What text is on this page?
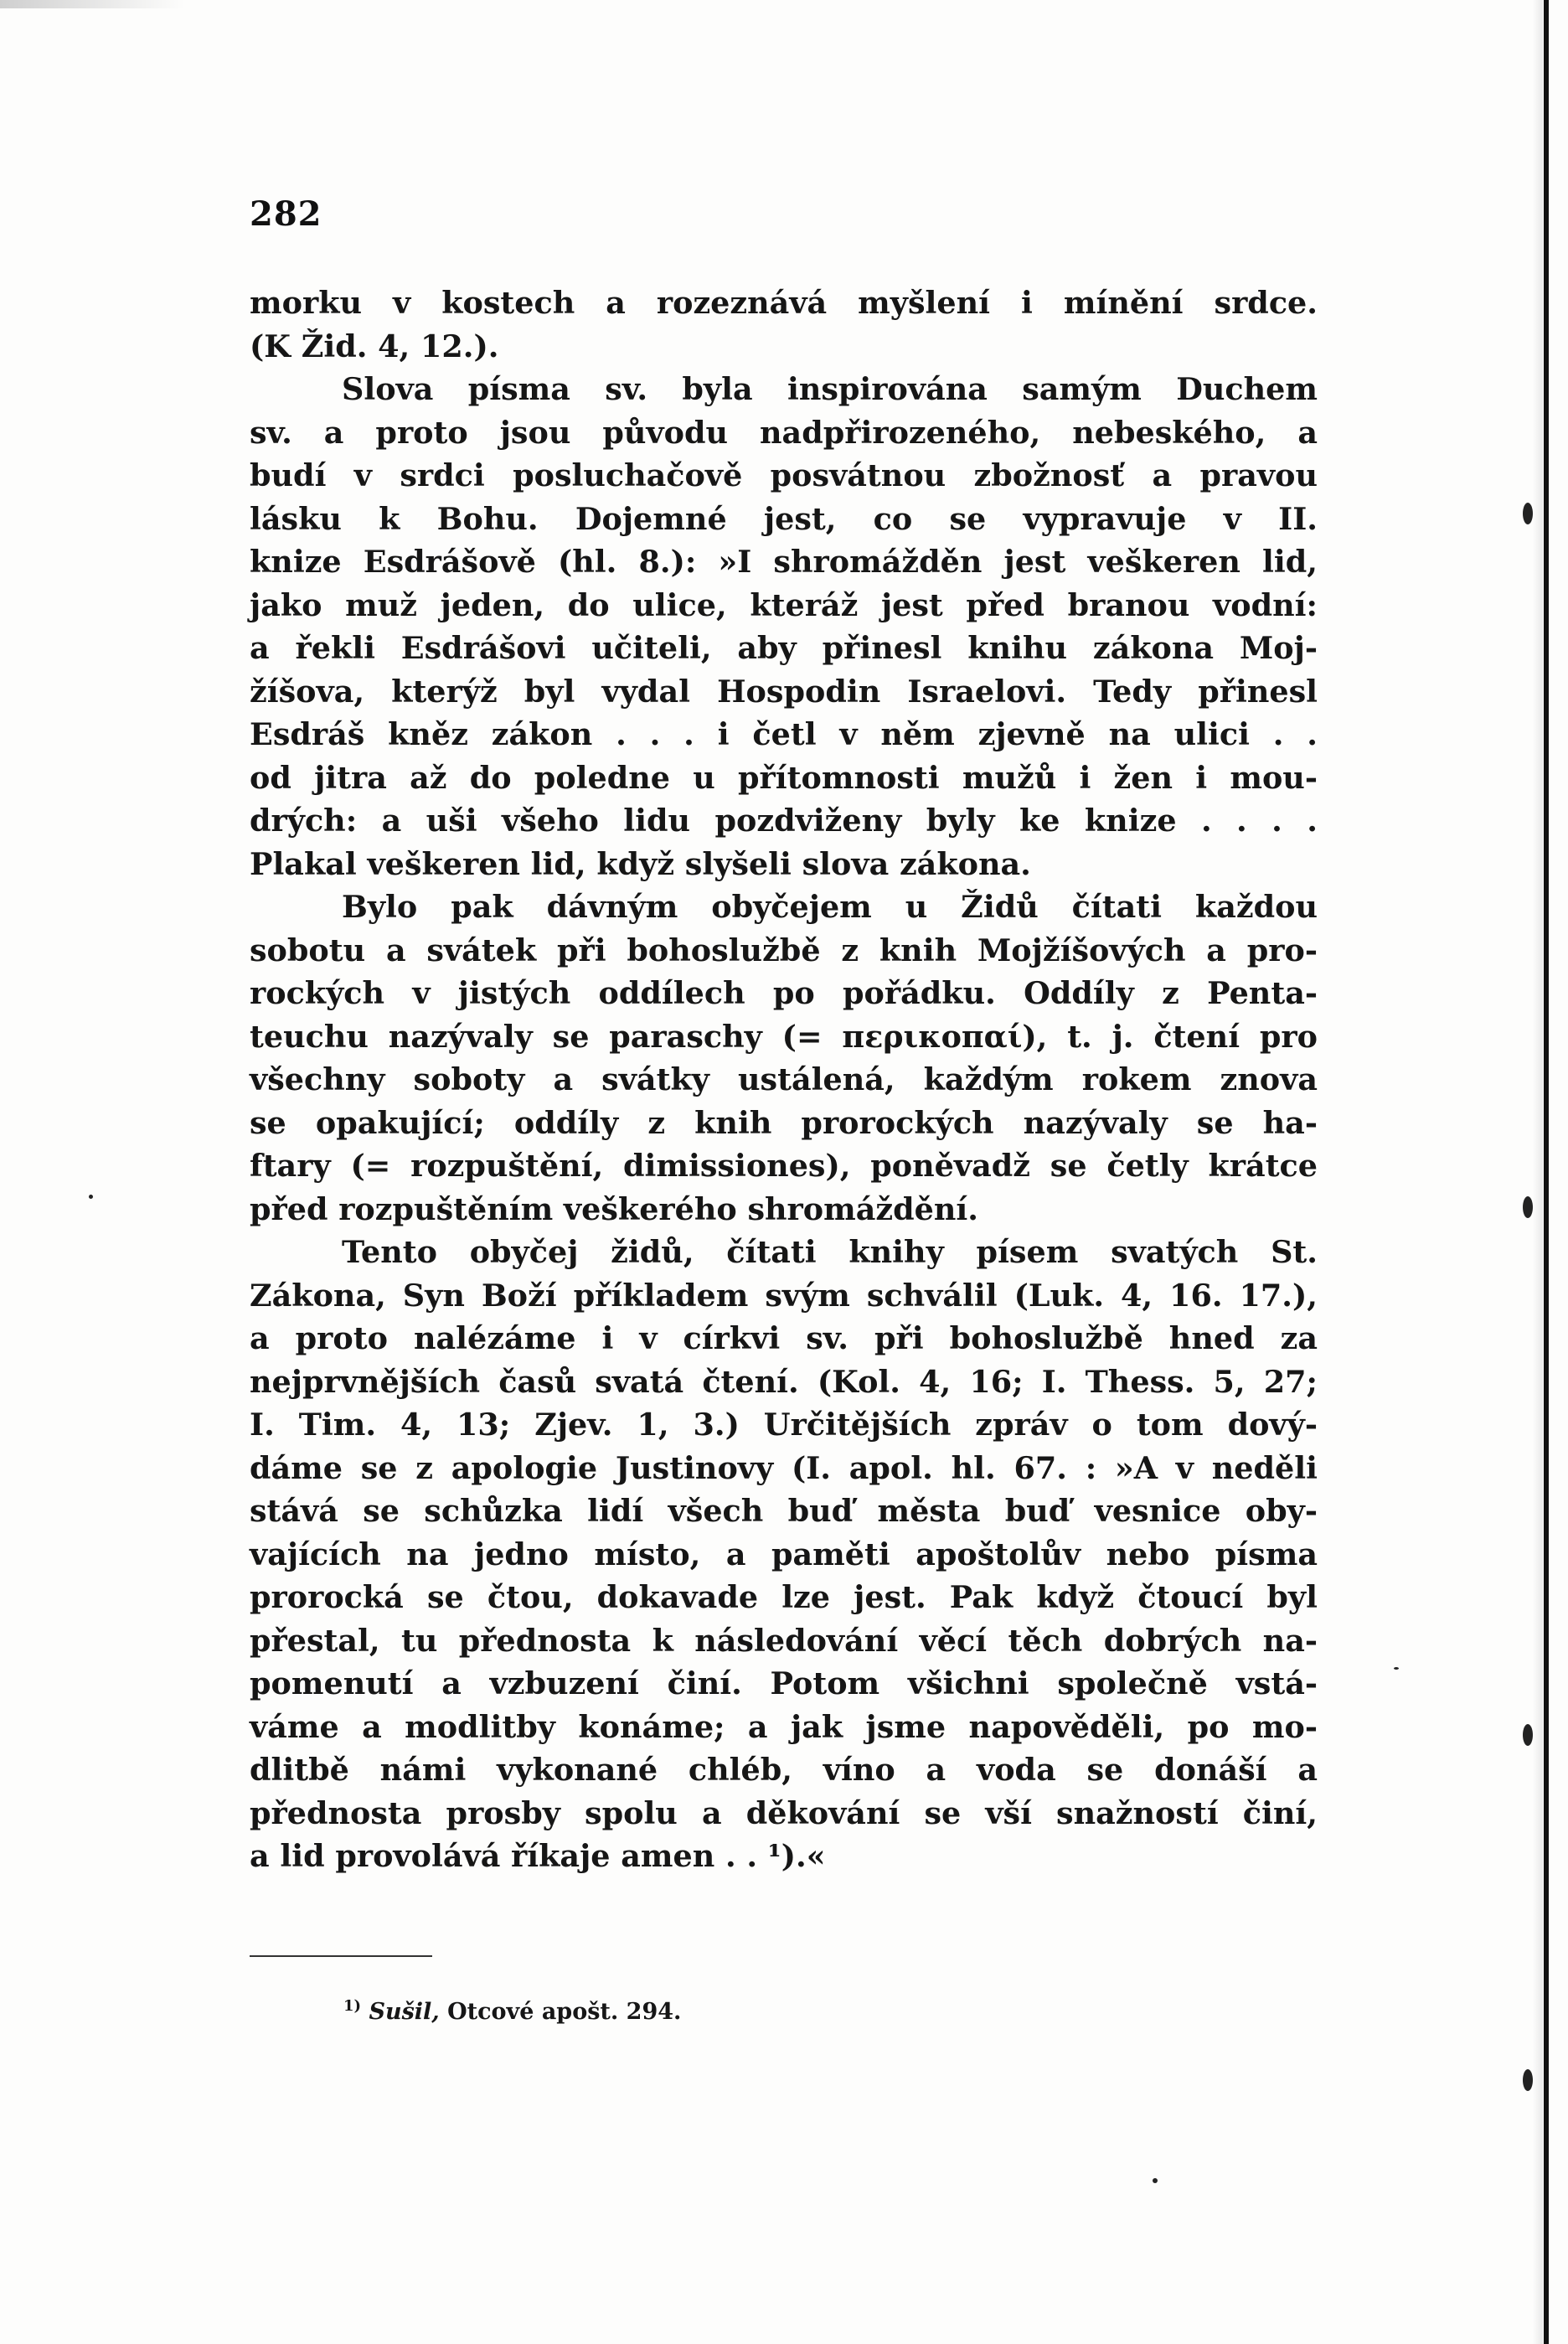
282
morku v kostech a rozeznává myšlení i mínění srdce.
(K Žid. 4, 12.).
Slova písma sv. byla inspirována samým Duchem
sv. a proto jsou původu nadpřirozeného, nebeského, a
budí v srdci posluchačově posvátnou zbožnosť a pravou
lásku k Bohu. Dojemné jest, co se vypravuje v II.
knize Esdrášově (hl. 8.): »I shromážděn jest veškeren lid,
jako muž jeden, do ulice, kteráž jest před branou vodní:
a řekli Esdrášovi učiteli, aby přinesl knihu zákona Moj-
žíšova, kterýž byl vydal Hospodin Israelovi. Tedy přinesl
Esdráš kněz zákon . . . i četl v něm zjevně na ulici . .
od jitra až do poledne u přítomnosti mužů i žen i mou-
drých: a uši všeho lidu pozdviženy byly ke knize . . . .
Plakal veškeren lid, když slyšeli slova zákona.
Bylo pak dávným obyčejem u Židů čítati každou
sobotu a svátek při bohoslužbě z knih Mojžíšových a pro-
rockých v jistých oddílech po pořádku. Oddíly z Penta-
teuchu nazývaly se paraschy (= περικοπαί), t. j. čtení pro
všechny soboty a svátky ustálená, každým rokem znova
se opakující; oddíly z knih prorockých nazývaly se ha-
ftary (= rozpuštění, dimissiones), poněvadž se četly krátce
před rozpuštěním veškerého shromáždění.
Tento obyčej židů, čítati knihy písem svatých St.
Zákona, Syn Boží příkladem svým schválil (Luk. 4, 16. 17.),
a proto nalézáme i v církvi sv. při bohoslužbě hned za
nejprvnějších časů svatá čtení. (Kol. 4, 16; I. Thess. 5, 27;
I. Tim. 4, 13; Zjev. 1, 3.) Určitějších zpráv o tom dový-
dáme se z apologie Justinovy (I. apol. hl. 67. : »A v neděli
stává se schůzka lidí všech buď města buď vesnice oby-
vajících na jedno místo, a paměti apoštolův nebo písma
prorocká se čtou, dokavade lze jest. Pak když čtoucí byl
přestal, tu přednosta k následování věcí těch dobrých na-
pomenutí a vzbuzení činí. Potom všichni společně vstá-
váme a modlitby konáme; a jak jsme napověděli, po mo-
dlitbě námi vykonané chléb, víno a voda se donáší a
přednosta prosby spolu a děkování se vší snažností činí,
a lid provolává říkaje amen . . ¹).«
$^{1)}$ Sušil, Otcové apošt. 294.
